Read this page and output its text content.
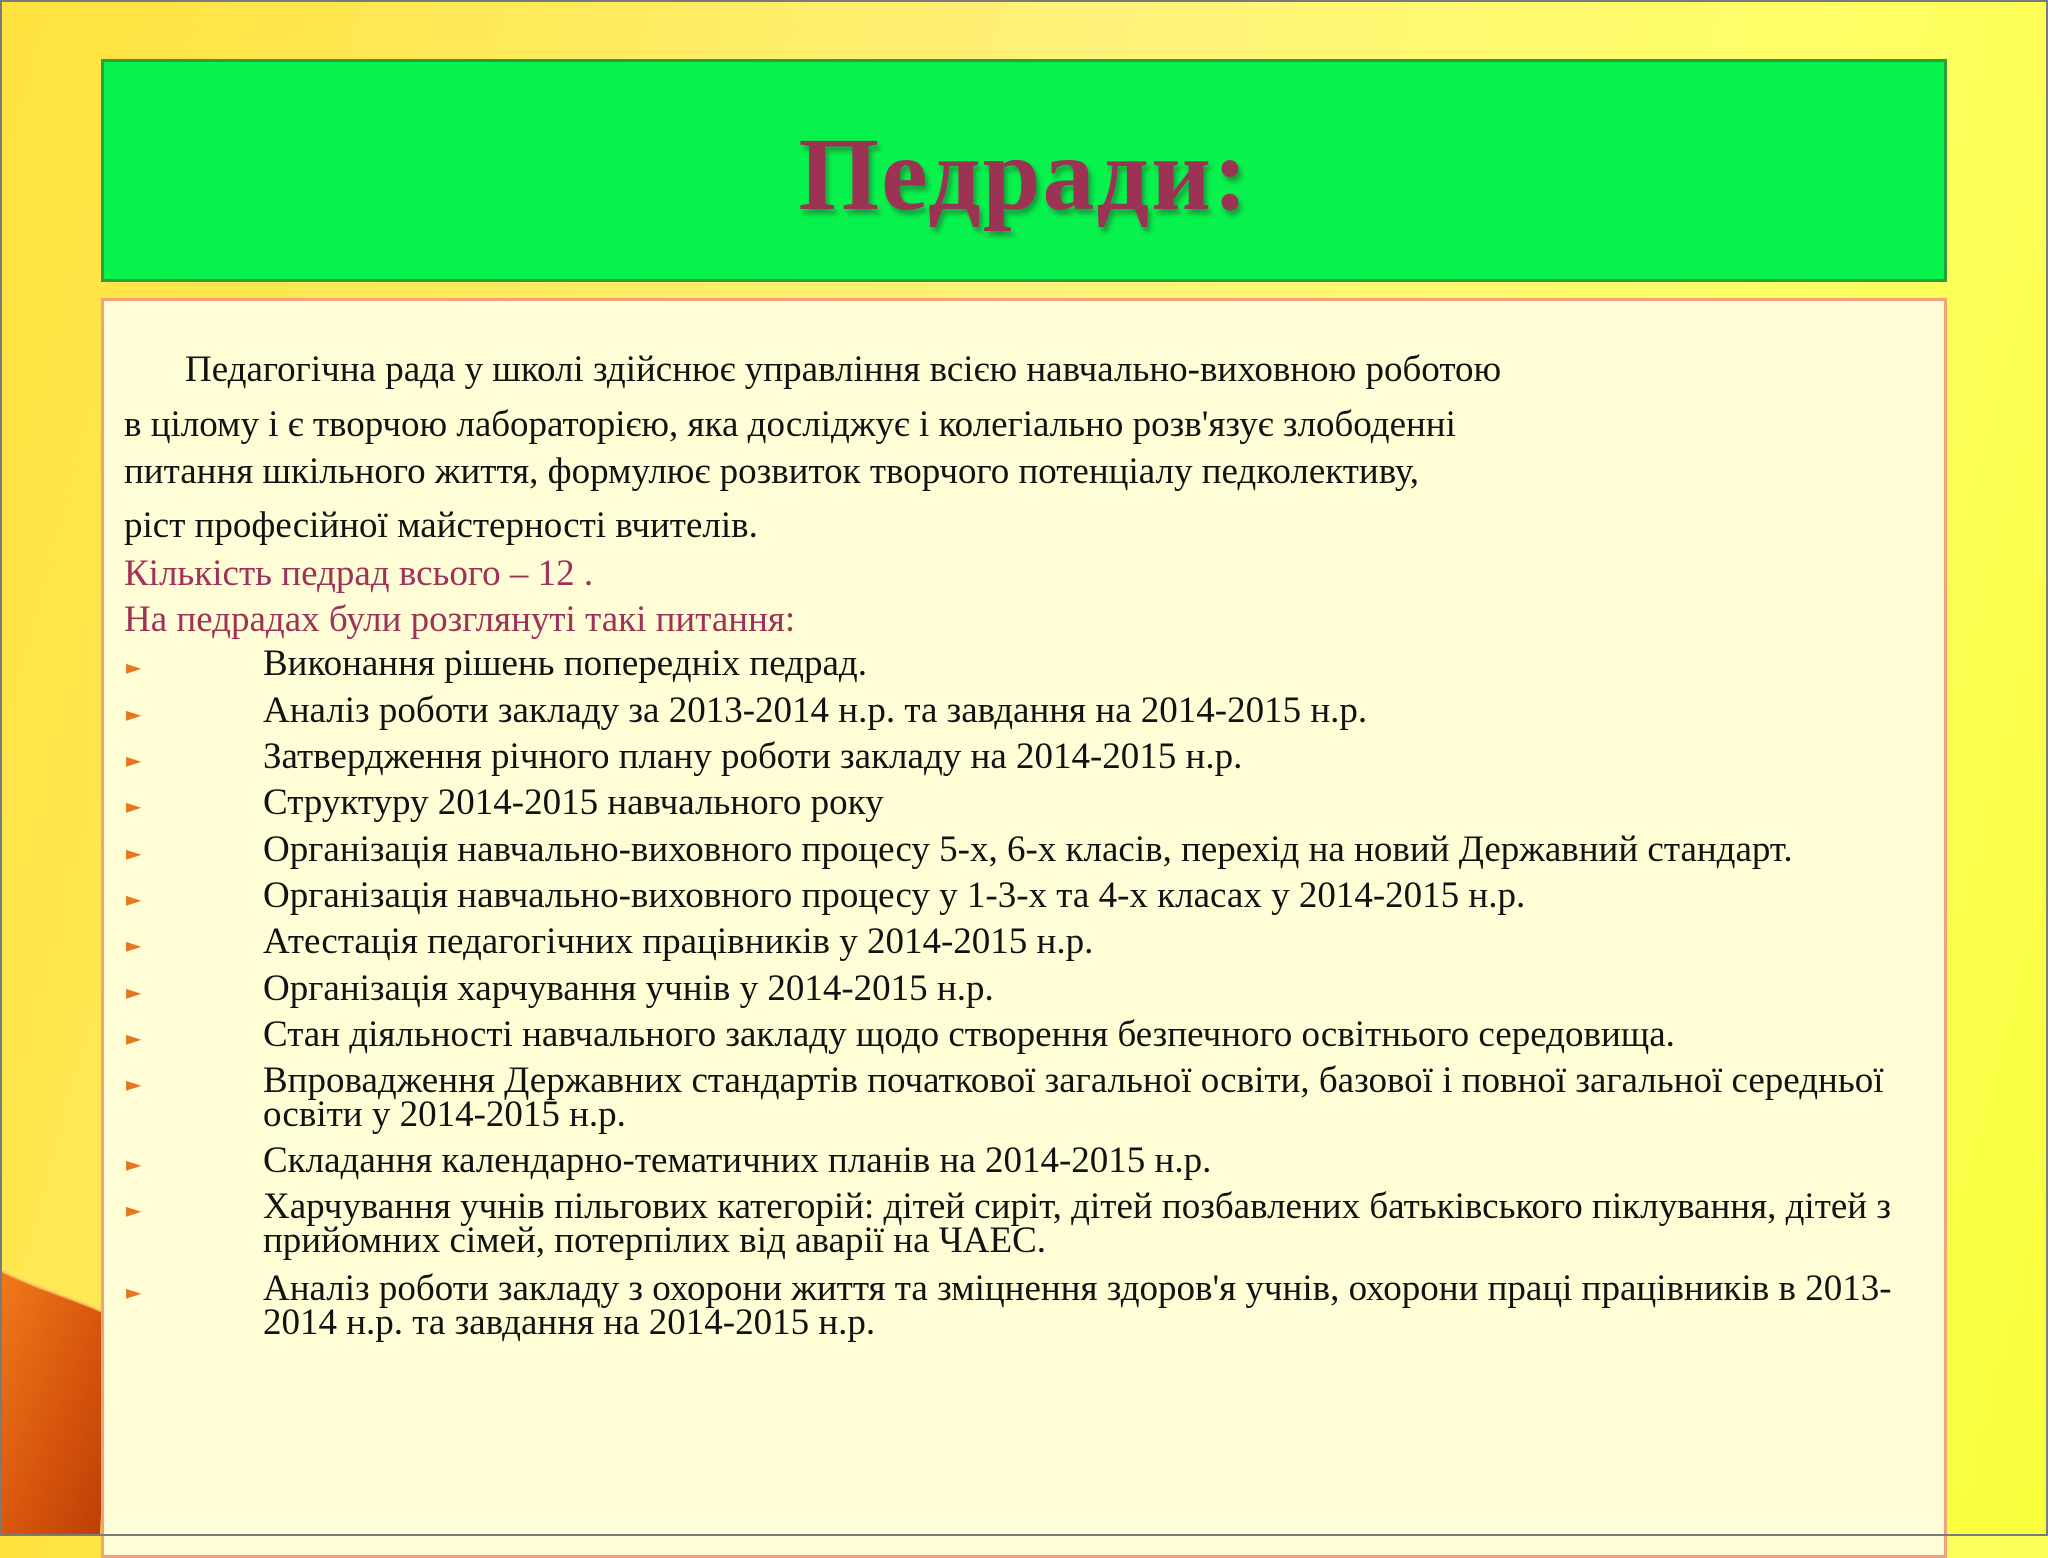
Педради:
Педагогічна рада у школі здійснює управління всією навчально-виховною роботою
в цілому і є творчою лабораторією, яка досліджує і колегіально розв'язує злободенні
питання шкільного життя, формулює розвиток творчого потенціалу педколективу,
ріст професійної майстерності вчителів.
Кількість педрад всього – 12 .
На педрадах були розглянуті такі питання:
►	Виконання рішень попередніх педрад.
►	Аналіз роботи закладу за 2013-2014 н.р. та завдання на 2014-2015 н.р.
►	Затвердження річного плану роботи закладу на 2014-2015 н.р.
►	Структуру 2014-2015 навчального року
►	Організація навчально-виховного процесу 5-х, 6-х класів, перехід на новий Державний стандарт.
►	Організація навчально-виховного процесу у 1-3-х та 4-х класах у 2014-2015 н.р.
►	Атестація педагогічних працівників у 2014-2015 н.р.
►	Організація харчування учнів у 2014-2015 н.р.
►	Стан діяльності навчального закладу щодо створення безпечного освітнього середовища.
►	Впровадження Державних стандартів початкової загальної освіти, базової і повної загальної середньої освіти у 2014-2015 н.р.
►	Складання календарно-тематичних планів на 2014-2015 н.р.
►	Харчування учнів пільгових категорій: дітей сиріт, дітей позбавлених батьківського піклування, дітей з прийомних сімей, потерпілих від аварії на ЧАЕС.
►	Аналіз роботи закладу з охорони життя та зміцнення здоров'я учнів, охорони праці працівників в 2013-2014 н.р. та завдання на 2014-2015 н.р.
